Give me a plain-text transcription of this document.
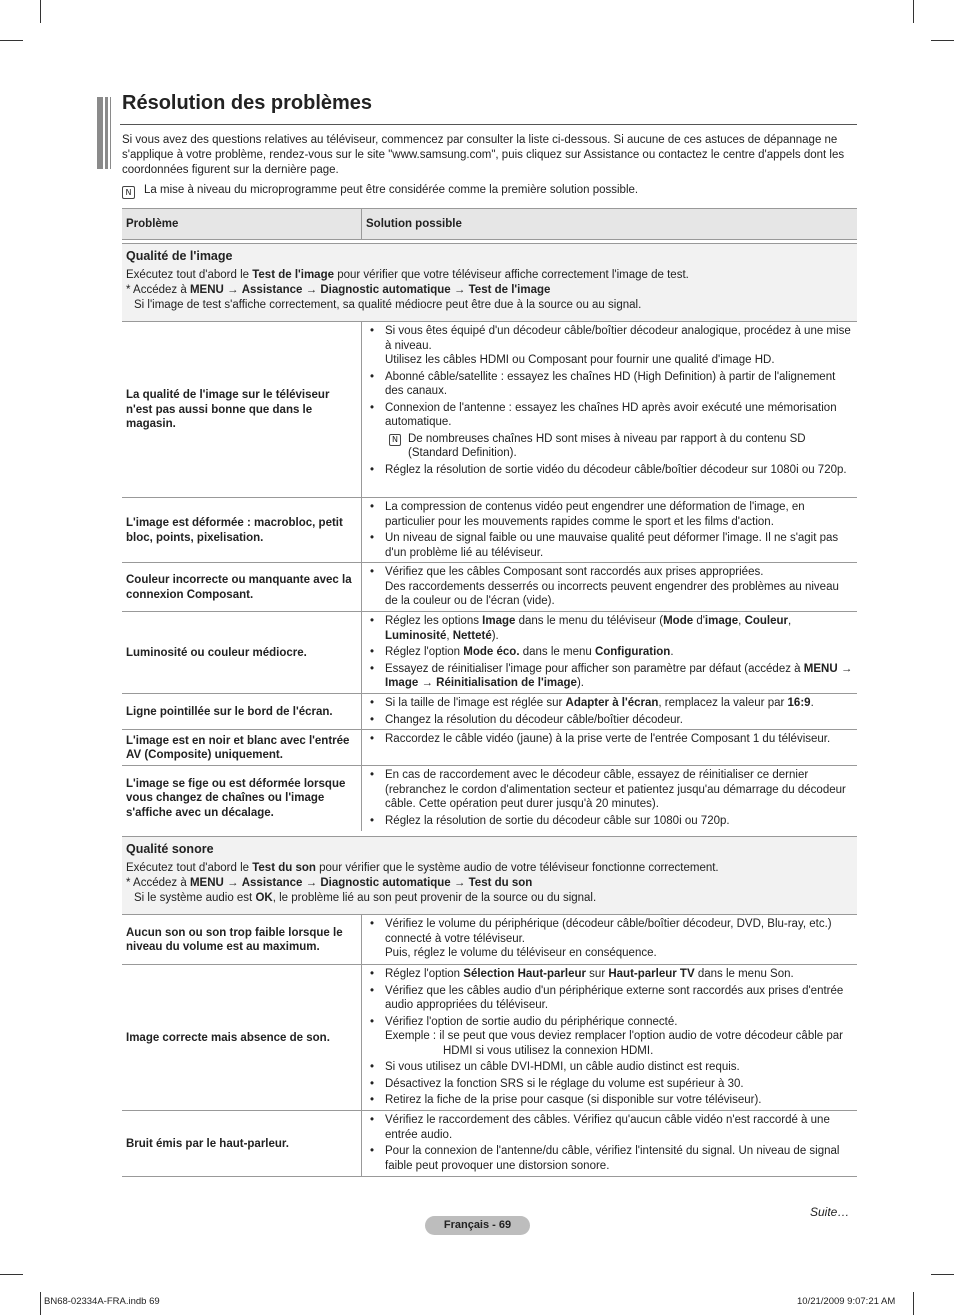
Résolution des problèmes

Si vous avez des questions relatives au téléviseur, commencez par consulter la liste ci-dessous. Si aucune de ces astuces de dépannage ne s'applique à votre problème, rendez-vous sur le site "www.samsung.com", puis cliquez sur Assistance ou contactez le centre d'appels dont les coordonnées figurent sur la dernière page.

N La mise à niveau du microprogramme peut être considérée comme la première solution possible.
Problème	Solution possible
Qualité de l'image

Exécutez tout d'abord le Test de l'image pour vérifier que votre téléviseur affiche correctement l'image de test.

* Accédez à MENU → Assistance → Diagnostic automatique → Test de l'image

Si l'image de test s'affiche correctement, sa qualité médiocre peut être due à la source ou au signal.

La qualité de l'image sur le téléviseur n'est pas aussi bonne que dans le magasin.
• Si vous êtes équipé d'un décodeur câble/boîtier décodeur analogique, procédez à une mise à niveau.
Utilisez les câbles HDMI ou Composant pour fournir une qualité d'image HD.
• Abonné câble/satellite : essayez les chaînes HD (High Definition) à partir de l'alignement des canaux.
• Connexion de l'antenne : essayez les chaînes HD après avoir exécuté une mémorisation automatique.
N De nombreuses chaînes HD sont mises à niveau par rapport à du contenu SD (Standard Definition).
• Réglez la résolution de sortie vidéo du décodeur câble/boîtier décodeur sur 1080i ou 720p.
L'image est déformée : macrobloc, petit bloc, points, pixelisation.
• La compression de contenus vidéo peut engendrer une déformation de l'image, en particulier pour les mouvements rapides comme le sport et les films d'action.
• Un niveau de signal faible ou une mauvaise qualité peut déformer l'image. Il ne s'agit pas d'un problème lié au téléviseur.
Couleur incorrecte ou manquante avec la connexion Composant.
• Vérifiez que les câbles Composant sont raccordés aux prises appropriées.
Des raccordements desserrés ou incorrects peuvent engendrer des problèmes au niveau de la couleur ou de l'écran (vide).
Luminosité ou couleur médiocre.
• Réglez les options Image dans le menu du téléviseur (Mode d'image, Couleur, Luminosité, Netteté).
• Réglez l'option Mode éco. dans le menu Configuration.
• Essayez de réinitialiser l'image pour afficher son paramètre par défaut (accédez à MENU → Image → Réinitialisation de l'image).
Ligne pointillée sur le bord de l'écran.
• Si la taille de l'image est réglée sur Adapter à l'écran, remplacez la valeur par 16:9.
• Changez la résolution du décodeur câble/boîtier décodeur.
L'image est en noir et blanc avec l'entrée AV (Composite) uniquement.
• Raccordez le câble vidéo (jaune) à la prise verte de l'entrée Composant 1 du téléviseur.
L'image se fige ou est déformée lorsque vous changez de chaînes ou l'image s'affiche avec un décalage.
• En cas de raccordement avec le décodeur câble, essayez de réinitialiser ce dernier (rebranchez le cordon d'alimentation secteur et patientez jusqu'au démarrage du décodeur câble. Cette opération peut durer jusqu'à 20 minutes).
• Réglez la résolution de sortie du décodeur câble sur 1080i ou 720p.
Qualité sonore

Exécutez tout d'abord le Test du son pour vérifier que le système audio de votre téléviseur fonctionne correctement.

* Accédez à MENU → Assistance → Diagnostic automatique → Test du son

Si le système audio est OK, le problème lié au son peut provenir de la source ou du signal.

Aucun son ou son trop faible lorsque le niveau du volume est au maximum.
• Vérifiez le volume du périphérique (décodeur câble/boîtier décodeur, DVD, Blu-ray, etc.) connecté à votre téléviseur.
Puis, réglez le volume du téléviseur en conséquence.
Image correcte mais absence de son.
• Réglez l'option Sélection Haut-parleur sur Haut-parleur TV dans le menu Son.
• Vérifiez que les câbles audio d'un périphérique externe sont raccordés aux prises d'entrée audio appropriées du téléviseur.
• Vérifiez l'option de sortie audio du périphérique connecté.
Exemple : il se peut que vous deviez remplacer l'option audio de votre décodeur câble par HDMI si vous utilisez la connexion HDMI.
• Si vous utilisez un câble DVI-HDMI, un câble audio distinct est requis.
• Désactivez la fonction SRS si le réglage du volume est supérieur à 30.
• Retirez la fiche de la prise pour casque (si disponible sur votre téléviseur).
Bruit émis par le haut-parleur.
• Vérifiez le raccordement des câbles. Vérifiez qu'aucun câble vidéo n'est raccordé à une entrée audio.
• Pour la connexion de l'antenne/du câble, vérifiez l'intensité du signal. Un niveau de signal faible peut provoquer une distorsion sonore.
Suite…
Français - 69
BN68-02334A-FRA.indb 69	10/21/2009 9:07:21 AM
